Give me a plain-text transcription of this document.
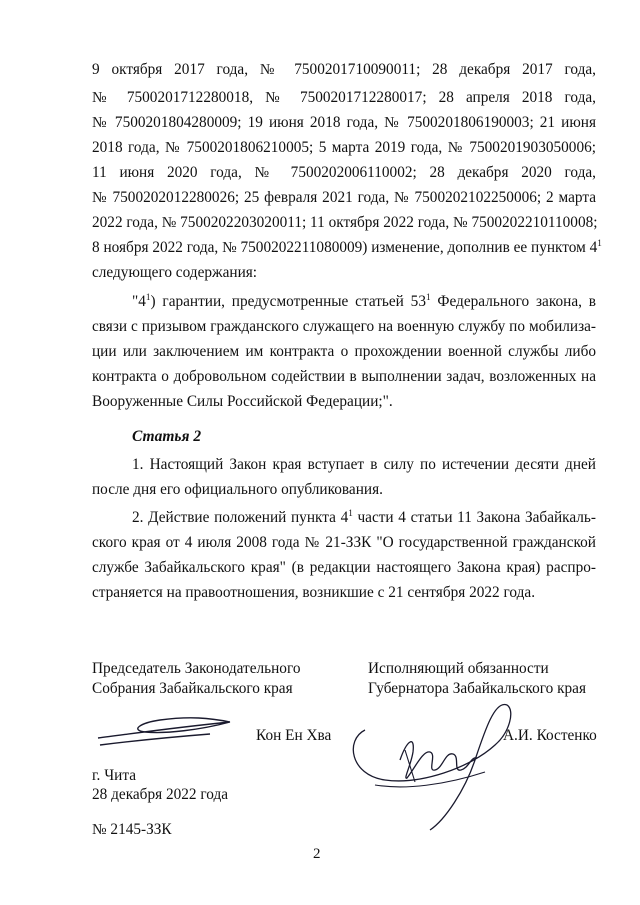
9 октября 2017 года, № 7500201710090011; 28 декабря 2017 года,
№ 7500201712280018, № 7500201712280017; 28 апреля 2018 года,
№ 7500201804280009; 19 июня 2018 года, № 7500201806190003; 21 июня
2018 года, № 7500201806210005; 5 марта 2019 года, № 7500201903050006;
11 июня 2020 года, № 7500202006110002; 28 декабря 2020 года,
№ 7500202012280026; 25 февраля 2021 года, № 7500202102250006; 2 марта
2022 года, № 7500202203020011; 11 октября 2022 года, № 7500202210110008;
8 ноября 2022 года, № 7500202211080009) изменение, дополнив ее пунктом $4^1$
следующего содержания:
"$4^1$) гарантии, предусмотренные статьей $53^1$ Федерального закона, в
связи с призывом гражданского служащего на военную службу по мобилиза-
ции или заключением им контракта о прохождении военной службы либо
контракта о добровольном содействии в выполнении задач, возложенных на
Вооруженные Силы Российской Федерации;".
Статья 2
1. Настоящий Закон края вступает в силу по истечении десяти дней
после дня его официального опубликования.
2. Действие положений пункта $4^1$ части 4 статьи 11 Закона Забайкаль-
ского края от 4 июля 2008 года № 21-ЗЗК "О государственной гражданской
службе Забайкальского края" (в редакции настоящего Закона края) распро-
страняется на правоотношения, возникшие с 21 сентября 2022 года.
Председатель Законодательного
Собрания Забайкальского края
Исполняющий обязанности
Губернатора Забайкальского края
Кон Ен Хва	А.И. Костенко
г. Чита
28 декабря 2022 года
№ 2145-ЗЗК
2
